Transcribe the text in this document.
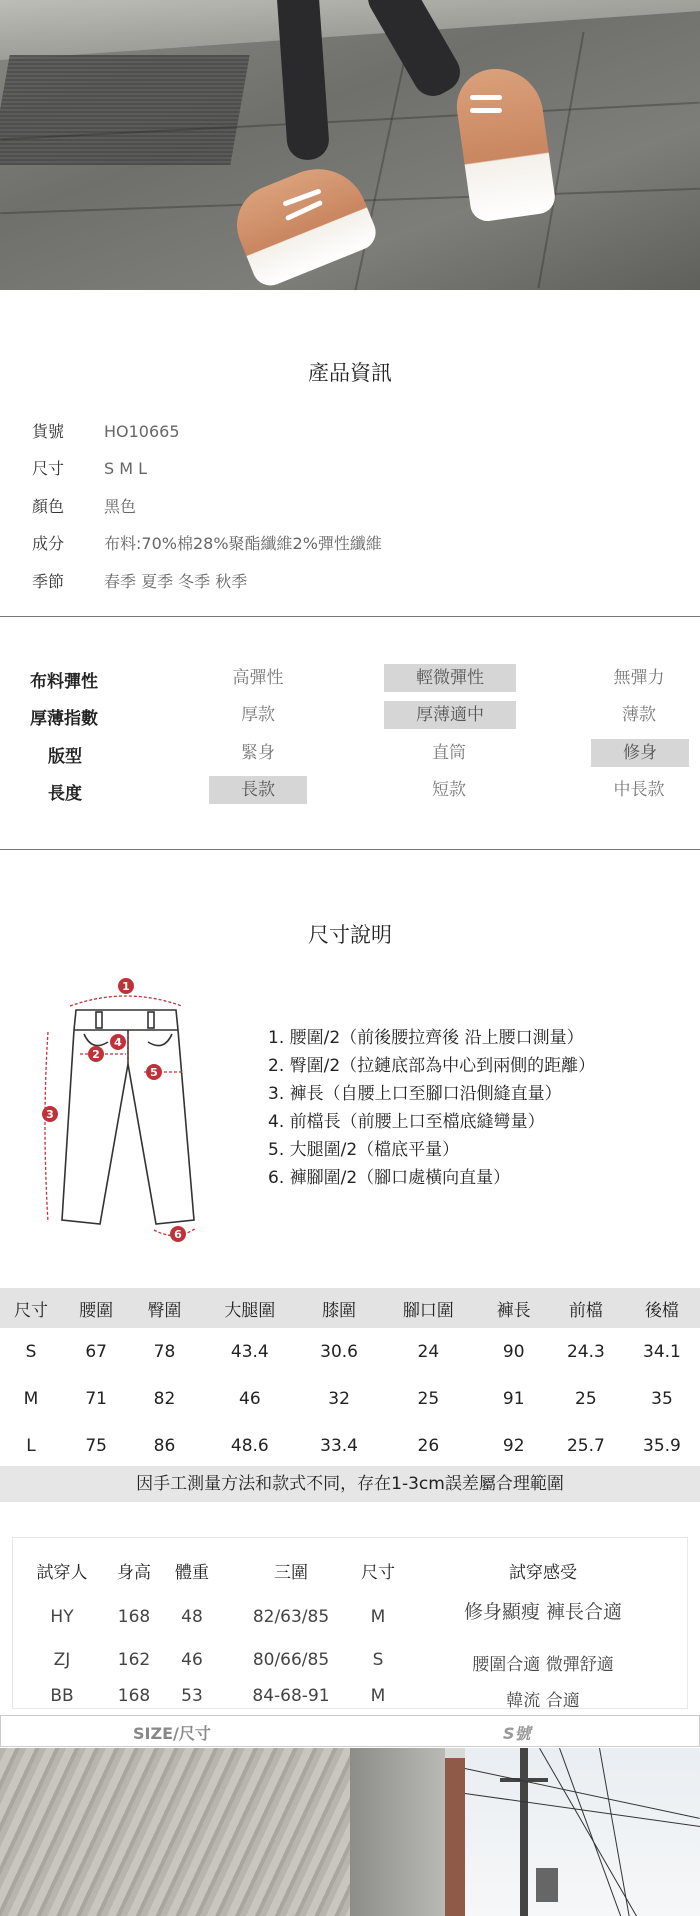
產品資訊
貨號 HO10665
尺寸 S M L
顏色 黑色
成分 布料:70%棉28%聚酯纖維2%彈性纖維
季節 春季 夏季 冬季 秋季
布料彈性	高彈性	輕微彈性	無彈力
厚薄指數	厚款	厚薄適中	薄款
版型	緊身	直筒	修身
長度	長款	短款	中長款
尺寸說明
1
2
3
4
5
6
1. 腰圍/2（前後腰拉齊後 沿上腰口測量）
2. 臀圍/2（拉鏈底部為中心到兩側的距離）
3. 褲長（自腰上口至腳口沿側縫直量）
4. 前檔長（前腰上口至檔底縫彎量）
5. 大腿圍/2（檔底平量）
6. 褲腳圍/2（腳口處橫向直量）
尺寸	腰圍	臀圍	大腿圍	膝圍	腳口圍	褲長	前檔	後檔
S	67	78	43.4	30.6	24	90	24.3	34.1
M	71	82	46	32	25	91	25	35
L	75	86	48.6	33.4	26	92	25.7	35.9
因手工測量方法和款式不同，存在1-3cm誤差屬合理範圍
試穿人	身高	體重	三圍	尺寸	試穿感受
HY	168	48	82/63/85	M	修身顯瘦 褲長合適
ZJ	162	46	80/66/85	S	腰圍合適 微彈舒適
BB	168	53	84-68-91	M	韓流 合適
SIZE/尺寸	S號
